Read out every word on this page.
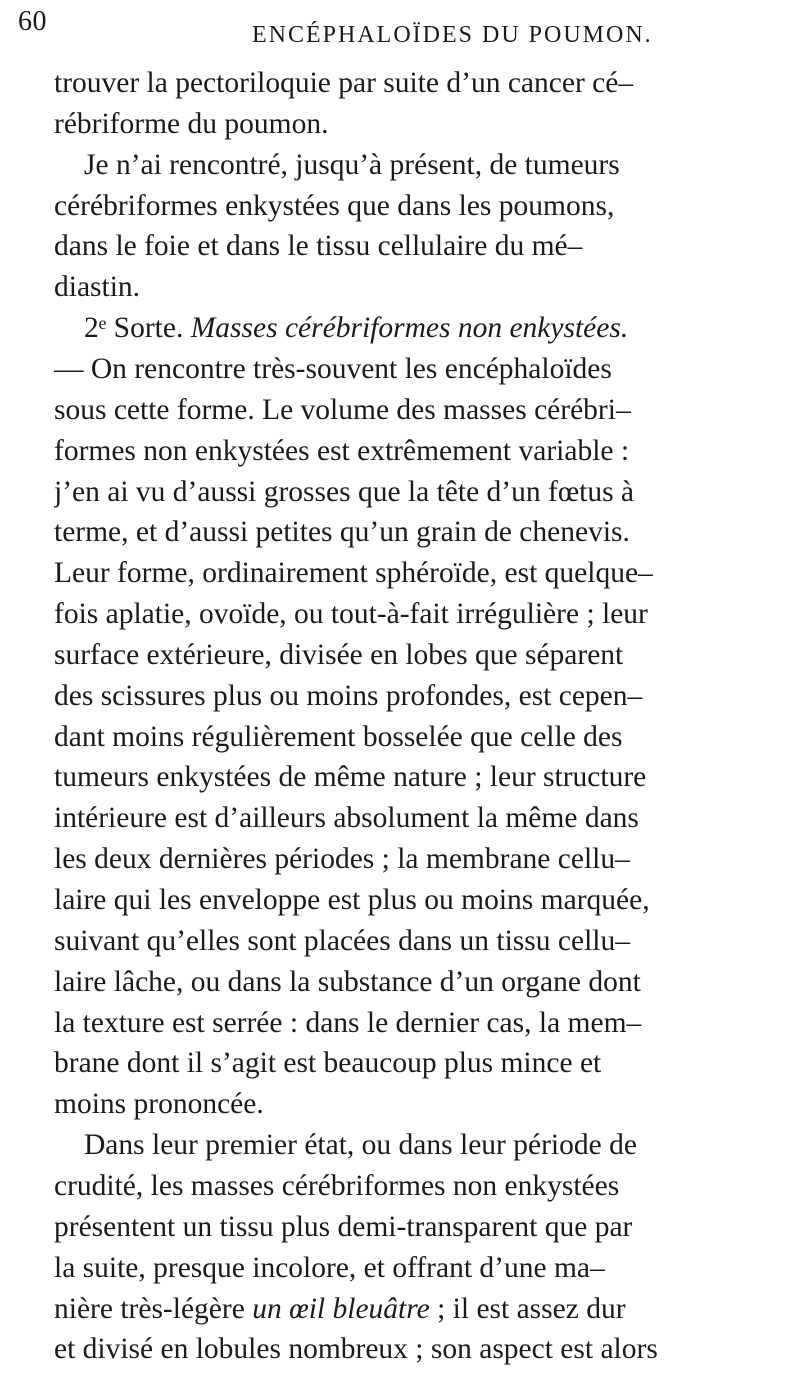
60	ENCÉPHALOÏDES DU POUMON.
trouver la pectoriloquie par suite d’un cancer cé–
rébriforme du poumon.
Je n’ai rencontré, jusqu’à présent, de tumeurs
cérébriformes enkystées que dans les poumons,
dans le foie et dans le tissu cellulaire du mé–
diastin.
2ᵉ Sorte. Masses cérébriformes non enkystées.
— On rencontre très-souvent les encéphaloïdes
sous cette forme. Le volume des masses cérébri–
formes non enkystées est extrêmement variable :
j’en ai vu d’aussi grosses que la tête d’un fœtus à
terme, et d’aussi petites qu’un grain de chenevis.
Leur forme, ordinairement sphéroïde, est quelque–
fois aplatie, ovoïde, ou tout-à-fait irrégulière ; leur
surface extérieure, divisée en lobes que séparent
des scissures plus ou moins profondes, est cepen–
dant moins régulièrement bosselée que celle des
tumeurs enkystées de même nature ; leur structure
intérieure est d’ailleurs absolument la même dans
les deux dernières périodes ; la membrane cellu–
laire qui les enveloppe est plus ou moins marquée,
suivant qu’elles sont placées dans un tissu cellu–
laire lâche, ou dans la substance d’un organe dont
la texture est serrée : dans le dernier cas, la mem–
brane dont il s’agit est beaucoup plus mince et
moins prononcée.
Dans leur premier état, ou dans leur période de
crudité, les masses cérébriformes non enkystées
présentent un tissu plus demi-transparent que par
la suite, presque incolore, et offrant d’une ma–
nière très-légère un œil bleuâtre ; il est assez dur
et divisé en lobules nombreux ; son aspect est alors
